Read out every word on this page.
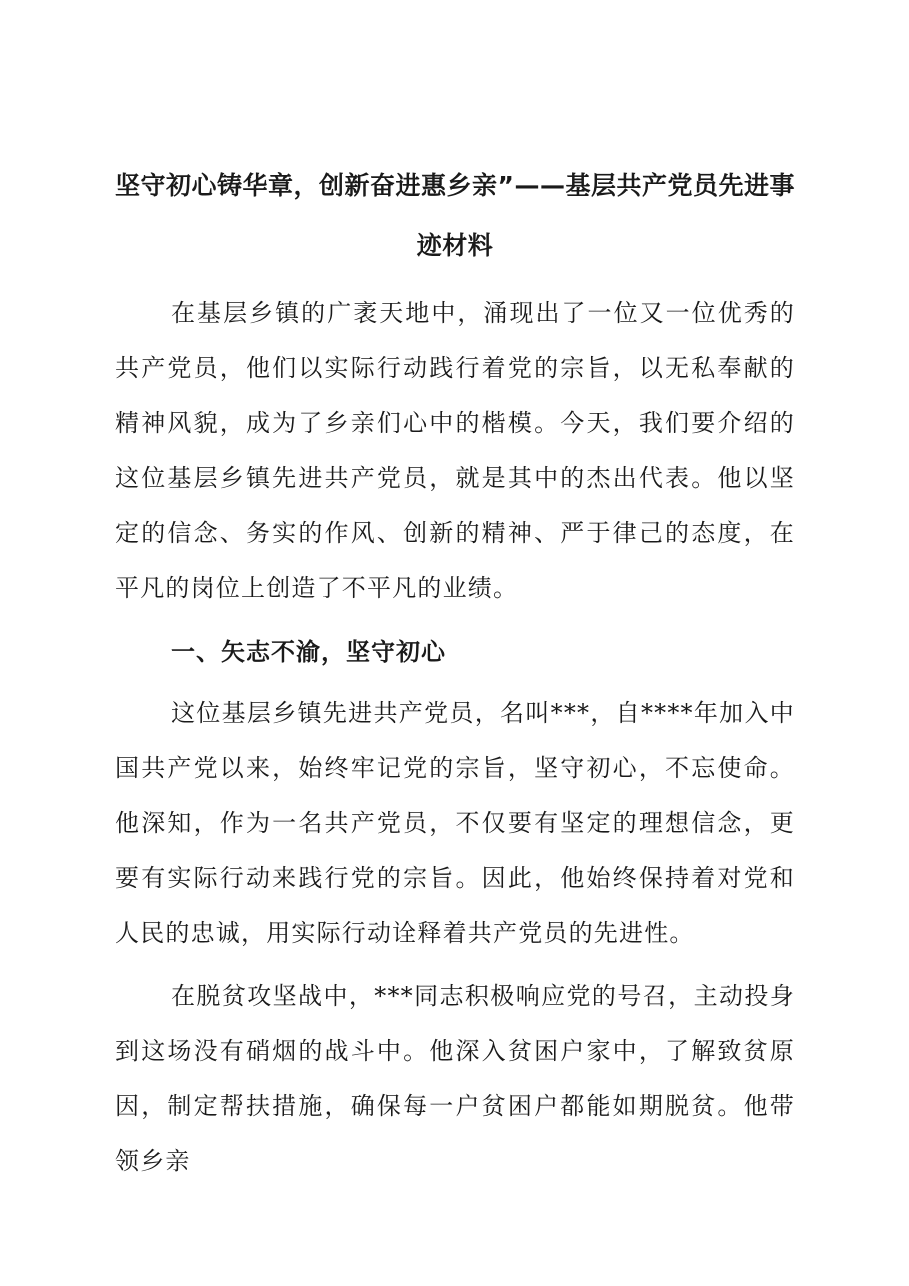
坚守初心铸华章，创新奋进惠乡亲”——基层共产党员先进事
迹材料

在基层乡镇的广袤天地中，涌现出了一位又一位优秀的共产党员，他们以实际行动践行着党的宗旨，以无私奉献的精神风貌，成为了乡亲们心中的楷模。今天，我们要介绍的这位基层乡镇先进共产党员，就是其中的杰出代表。他以坚定的信念、务实的作风、创新的精神、严于律己的态度，在平凡的岗位上创造了不平凡的业绩。

一、矢志不渝，坚守初心

这位基层乡镇先进共产党员，名叫***，自****年加入中国共产党以来，始终牢记党的宗旨，坚守初心，不忘使命。他深知，作为一名共产党员，不仅要有坚定的理想信念，更要有实际行动来践行党的宗旨。因此，他始终保持着对党和人民的忠诚，用实际行动诠释着共产党员的先进性。

在脱贫攻坚战中，***同志积极响应党的号召，主动投身到这场没有硝烟的战斗中。他深入贫困户家中，了解致贫原因，制定帮扶措施，确保每一户贫困户都能如期脱贫。他带领乡亲
